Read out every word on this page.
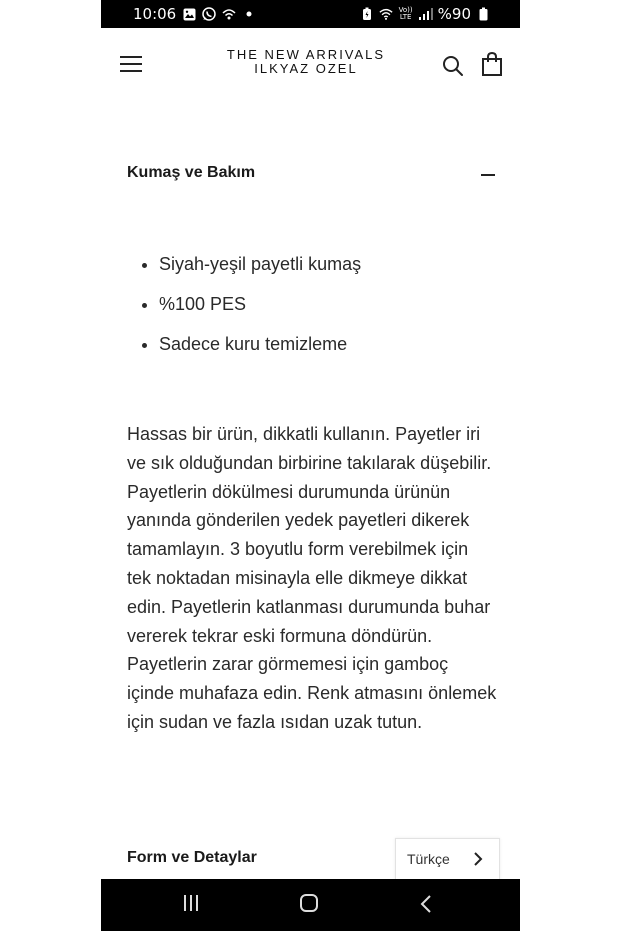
10:06	Vo))
LTE %90
THE NEW ARRIVALS
ILKYAZ OZEL
Kumaş ve Bakım
• Siyah-yeşil payetli kumaş
• %100 PES
• Sadece kuru temizleme

Hassas bir ürün, dikkatli kullanın. Payetler iri ve sık olduğundan birbirine takılarak düşebilir. Payetlerin dökülmesi durumunda ürünün yanında gönderilen yedek payetleri dikerek tamamlayın. 3 boyutlu form verebilmek için tek noktadan misinayla elle dikmeye dikkat edin. Payetlerin katlanması durumunda buhar vererek tekrar eski formuna döndürün. Payetlerin zarar görmemesi için gamboç içinde muhafaza edin. Renk atmasını önlemek için sudan ve fazla ısıdan uzak tutun.

Form ve Detaylar	Türkçe
